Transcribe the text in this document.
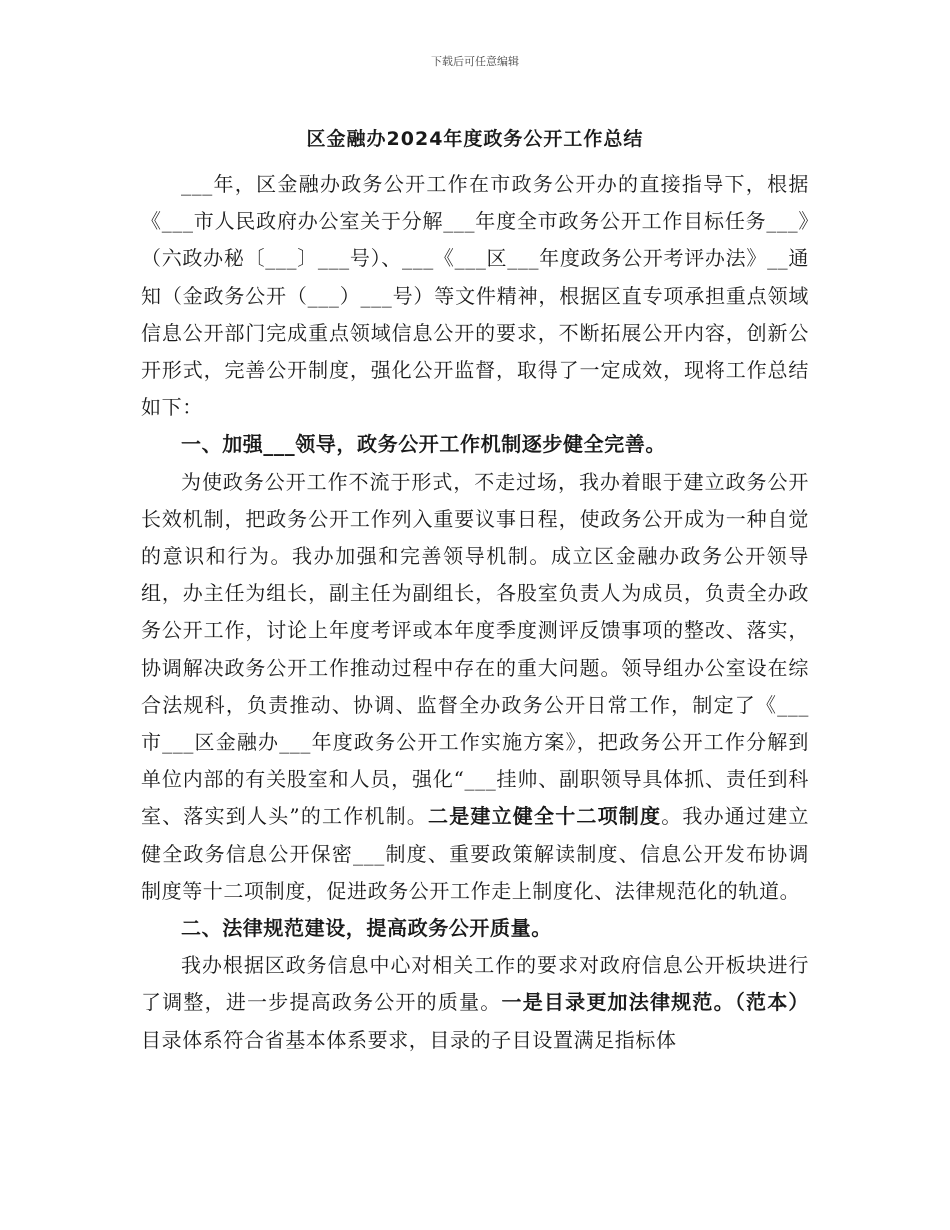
下载后可任意编辑
区金融办2024年度政务公开工作总结

___年，区金融办政务公开工作在市政务公开办的直接指导下，根据《___市人民政府办公室关于分解___年度全市政务公开工作目标任务___》（六政办秘〔___〕___号）、___《___区___年度政务公开考评办法》__通知（金政务公开（___）___号）等文件精神，根据区直专项承担重点领域信息公开部门完成重点领域信息公开的要求，不断拓展公开内容，创新公开形式，完善公开制度，强化公开监督，取得了一定成效，现将工作总结如下：

一、加强___领导，政务公开工作机制逐步健全完善。

为使政务公开工作不流于形式，不走过场，我办着眼于建立政务公开长效机制，把政务公开工作列入重要议事日程，使政务公开成为一种自觉的意识和行为。我办加强和完善领导机制。成立区金融办政务公开领导组，办主任为组长，副主任为副组长，各股室负责人为成员，负责全办政务公开工作，讨论上年度考评或本年度季度测评反馈事项的整改、落实，协调解决政务公开工作推动过程中存在的重大问题。领导组办公室设在综合法规科，负责推动、协调、监督全办政务公开日常工作，制定了《___市___区金融办___年度政务公开工作实施方案》，把政务公开工作分解到单位内部的有关股室和人员，强化“___挂帅、副职领导具体抓、责任到科室、落实到人头”的工作机制。二是建立健全十二项制度。我办通过建立健全政务信息公开保密___制度、重要政策解读制度、信息公开发布协调制度等十二项制度，促进政务公开工作走上制度化、法律规范化的轨道。

二、法律规范建设，提高政务公开质量。

我办根据区政务信息中心对相关工作的要求对政府信息公开板块进行了调整，进一步提高政务公开的质量。一是目录更加法律规范。（范本）目录体系符合省基本体系要求，目录的子目设置满足指标体
